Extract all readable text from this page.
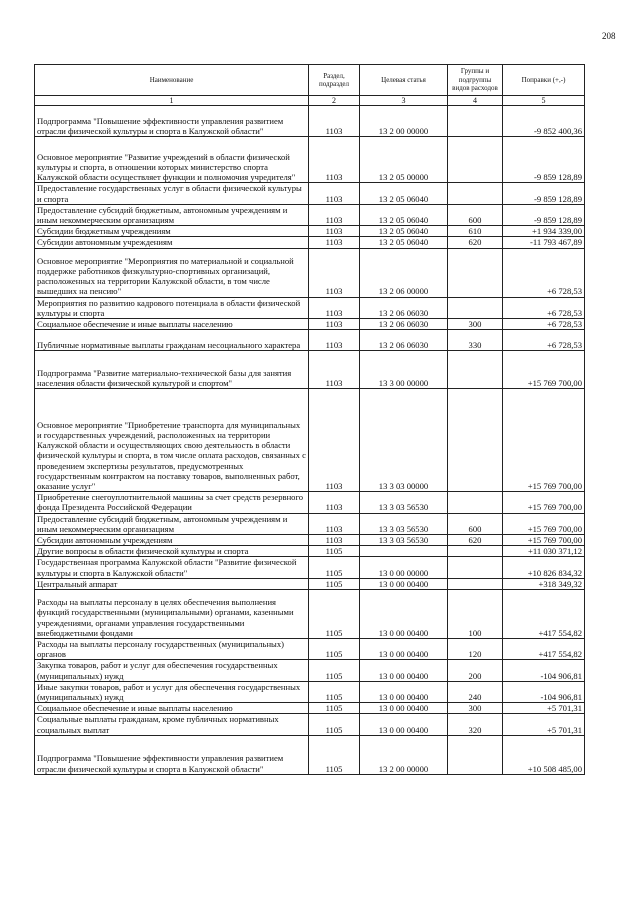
208
Наименование	Раздел, подраздел	Целевая статья	Группы и подгруппы видов расходов	Поправки (+,-)
1	2	3	4	5

Подпрограмма "Повышение эффективности управления развитием отрасли физической культуры и спорта в Калужской области"	1103	13 2 00 00000		-9 852 400,36
Основное мероприятие "Развитие учреждений в области физической культуры и спорта, в отношении которых министерство спорта Калужской области осуществляет функции и полномочия учредителя"	1103	13 2 05 00000		-9 859 128,89
Предоставление государственных услуг в области физической культуры и спорта	1103	13 2 05 06040		-9 859 128,89
Предоставление субсидий бюджетным, автономным учреждениям и иным некоммерческим организациям	1103	13 2 05 06040	600	-9 859 128,89
Субсидии бюджетным учреждениям	1103	13 2 05 06040	610	+1 934 339,00
Субсидии автономным учреждениям	1103	13 2 05 06040	620	-11 793 467,89
Основное мероприятие "Мероприятия по материальной и социальной поддержке работников физкультурно-спортивных организаций, расположенных на территории Калужской области, в том числе вышедших на пенсию"	1103	13 2 06 00000		+6 728,53
Мероприятия по развитию кадрового потенциала в области физической культуры и спорта	1103	13 2 06 06030		+6 728,53
Социальное обеспечение и иные выплаты населению	1103	13 2 06 06030	300	+6 728,53
Публичные нормативные выплаты гражданам несоциального характера	1103	13 2 06 06030	330	+6 728,53

Подпрограмма "Развитие материально-технической базы для занятия населения области физической культурой и спортом"	1103	13 3 00 00000		+15 769 700,00

Основное мероприятие "Приобретение транспорта для муниципальных и государственных учреждений, расположенных на территории Калужской области и осуществляющих свою деятельность в области физической культуры и спорта, в том числе оплата расходов, связанных с проведением экспертизы результатов, предусмотренных государственным контрактом на поставку товаров, выполненных работ, оказание услуг"	1103	13 3 03 00000		+15 769 700,00
Приобретение снегоуплотнительной машины за счет средств резервного фонда Президента Российской Федерации	1103	13 3 03 56530		+15 769 700,00
Предоставление субсидий бюджетным, автономным учреждениям и иным некоммерческим организациям	1103	13 3 03 56530	600	+15 769 700,00
Субсидии автономным учреждениям	1103	13 3 03 56530	620	+15 769 700,00
Другие вопросы в области физической культуры и спорта	1105			+11 030 371,12
Государственная программа Калужской области "Развитие физической культуры и спорта в Калужской области"	1105	13 0 00 00000		+10 826 834,32
Центральный аппарат	1105	13 0 00 00400		+318 349,32
Расходы на выплаты персоналу в целях обеспечения выполнения функций государственными (муниципальными) органами, казенными учреждениями, органами управления государственными внебюджетными фондами	1105	13 0 00 00400	100	+417 554,82
Расходы на выплаты персоналу государственных (муниципальных) органов	1105	13 0 00 00400	120	+417 554,82
Закупка товаров, работ и услуг для обеспечения государственных (муниципальных) нужд	1105	13 0 00 00400	200	-104 906,81
Иные закупки товаров, работ и услуг для обеспечения государственных (муниципальных) нужд	1105	13 0 00 00400	240	-104 906,81
Социальное обеспечение и иные выплаты населению	1105	13 0 00 00400	300	+5 701,31
Социальные выплаты гражданам, кроме публичных нормативных социальных выплат	1105	13 0 00 00400	320	+5 701,31

Подпрограмма "Повышение эффективности управления развитием отрасли физической культуры и спорта в Калужской области"	1105	13 2 00 00000		+10 508 485,00
